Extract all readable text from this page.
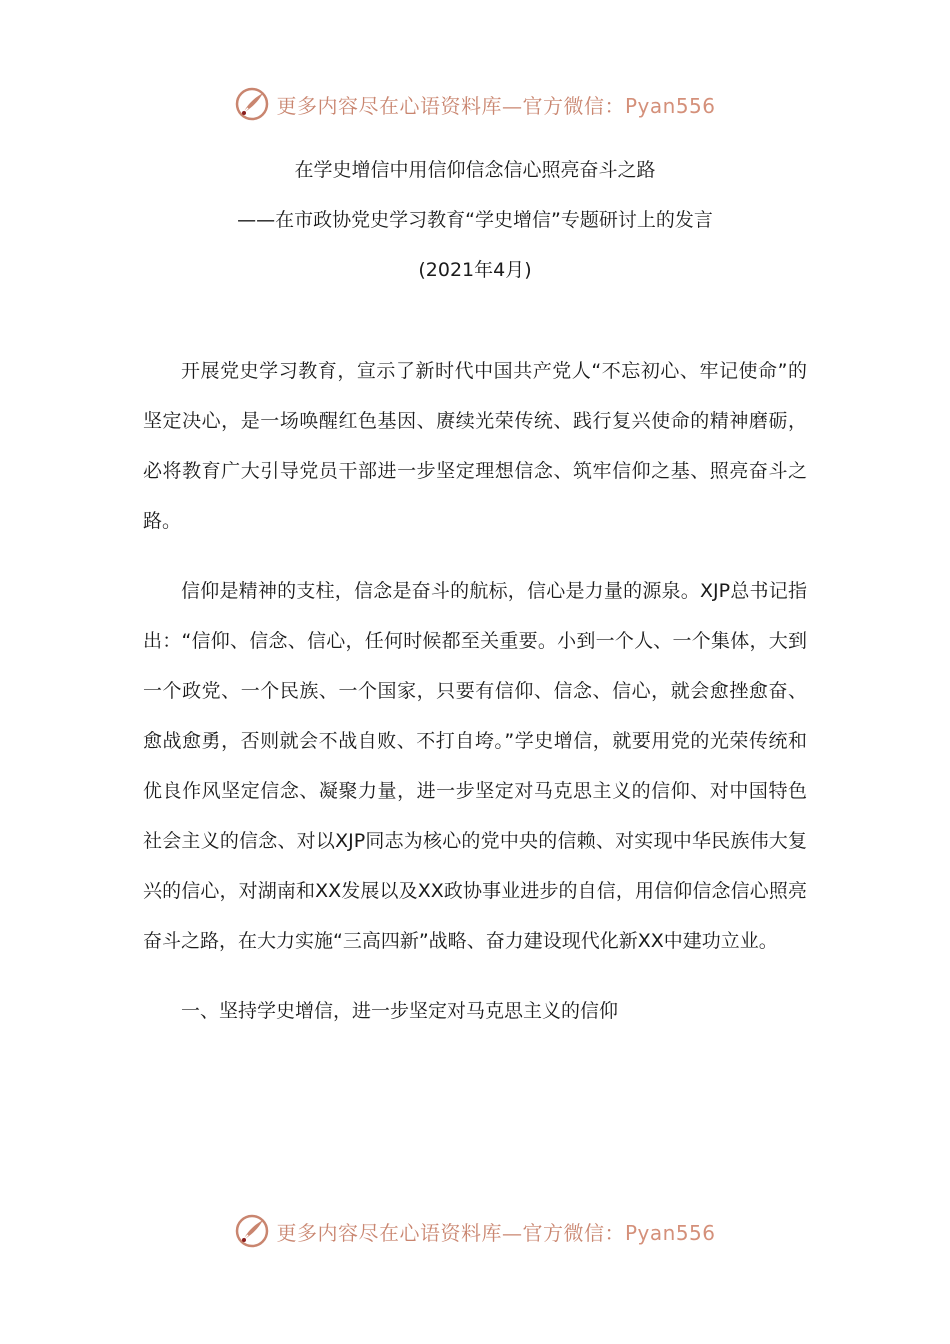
更多内容尽在心语资料库—官方微信：Pyan556
在学史增信中用信仰信念信心照亮奋斗之路
——在市政协党史学习教育“学史增信”专题研讨上的发言
(2021年4月)

开展党史学习教育，宣示了新时代中国共产党人“不忘初心、牢记使命”的坚定决心，是一场唤醒红色基因、赓续光荣传统、践行复兴使命的精神磨砺，必将教育广大引导党员干部进一步坚定理想信念、筑牢信仰之基、照亮奋斗之路。

信仰是精神的支柱，信念是奋斗的航标，信心是力量的源泉。XJP总书记指出：“信仰、信念、信心，任何时候都至关重要。小到一个人、一个集体，大到一个政党、一个民族、一个国家，只要有信仰、信念、信心，就会愈挫愈奋、愈战愈勇，否则就会不战自败、不打自垮。”学史增信，就要用党的光荣传统和优良作风坚定信念、凝聚力量，进一步坚定对马克思主义的信仰、对中国特色社会主义的信念、对以XJP同志为核心的党中央的信赖、对实现中华民族伟大复兴的信心，对湖南和XX发展以及XX政协事业进步的自信，用信仰信念信心照亮奋斗之路，在大力实施“三高四新”战略、奋力建设现代化新XX中建功立业。

一、坚持学史增信，进一步坚定对马克思主义的信仰

更多内容尽在心语资料库—官方微信：Pyan556
